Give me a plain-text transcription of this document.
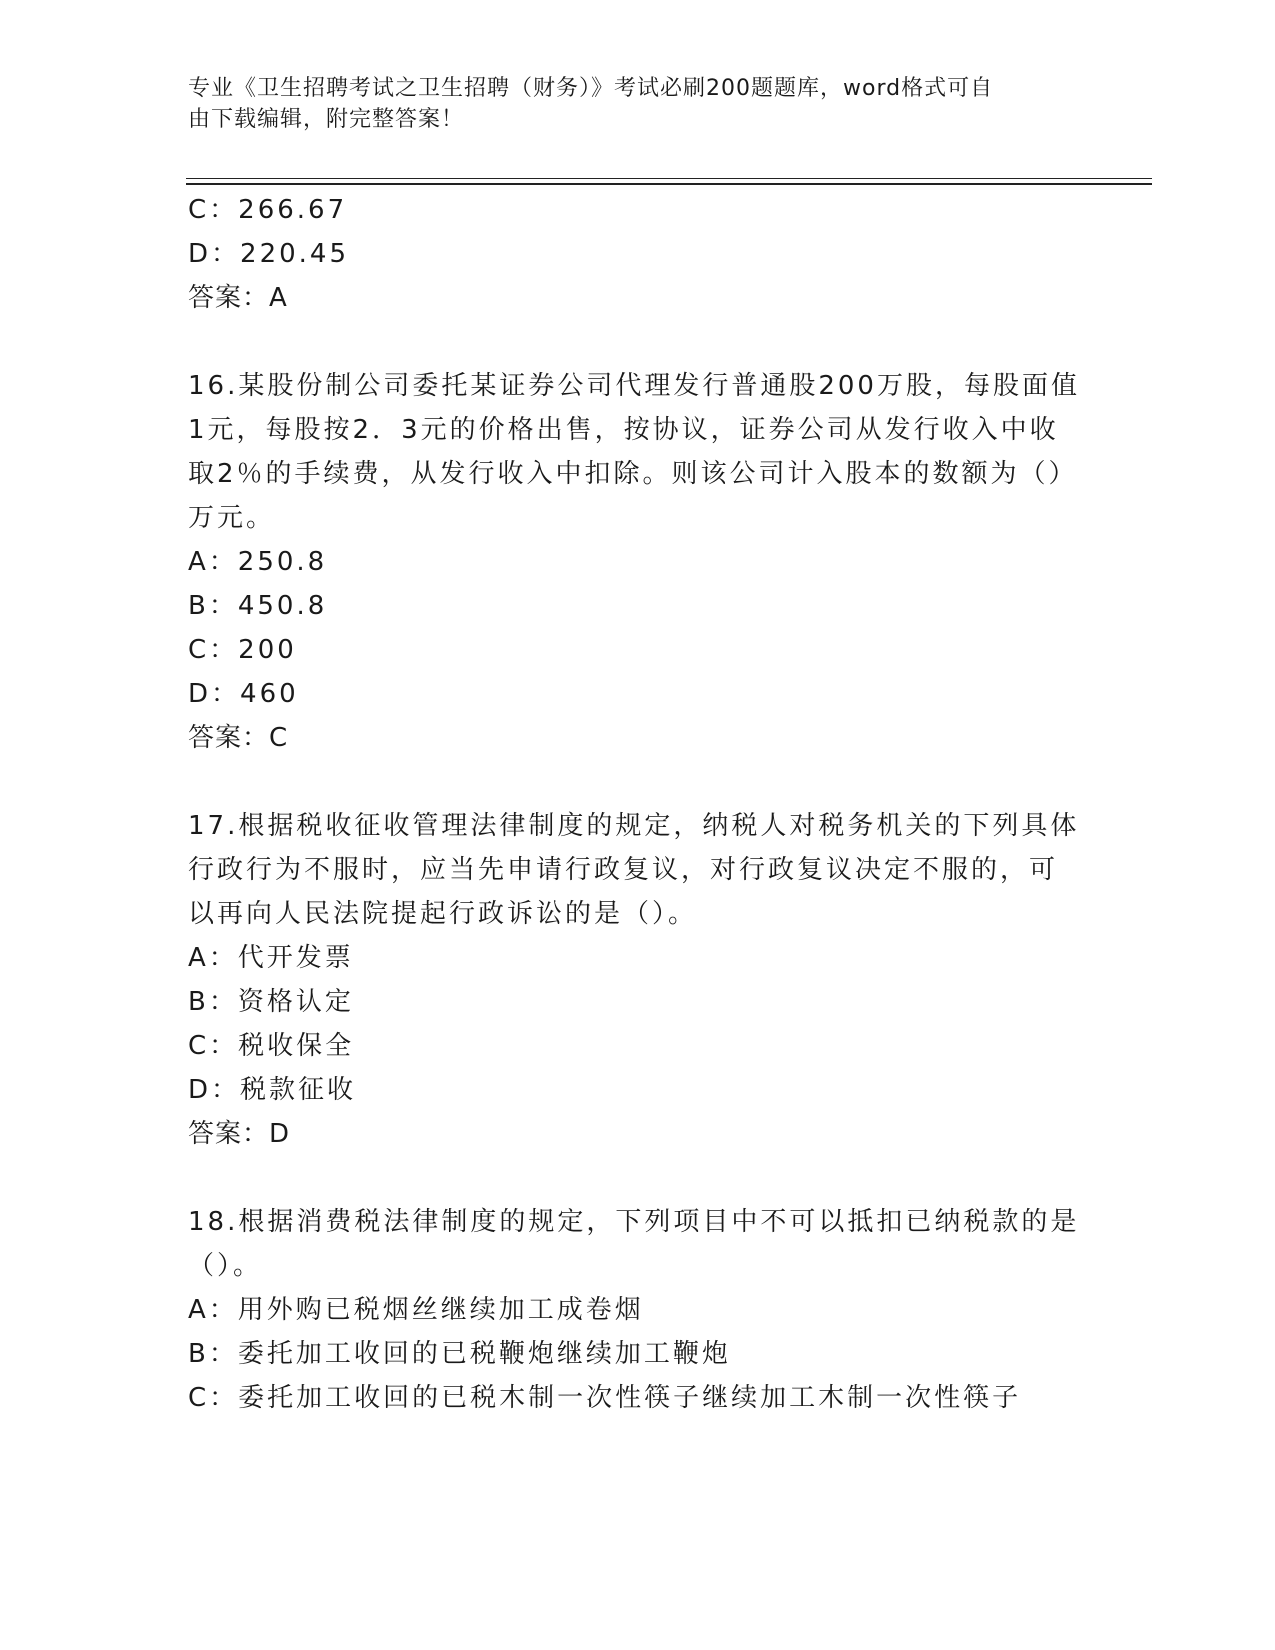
专业《卫生招聘考试之卫生招聘（财务）》考试必刷200题题库，word格式可自
由下载编辑，附完整答案！
C：266.67
D：220.45
答案：A
16.某股份制公司委托某证券公司代理发行普通股200万股，每股面值
1元，每股按2．3元的价格出售，按协议，证券公司从发行收入中收
取2％的手续费，从发行收入中扣除。则该公司计入股本的数额为（）
万元。
A：250.8
B：450.8
C：200
D：460
答案：C
17.根据税收征收管理法律制度的规定，纳税人对税务机关的下列具体
行政行为不服时，应当先申请行政复议，对行政复议决定不服的，可
以再向人民法院提起行政诉讼的是（）。
A：代开发票
B：资格认定
C：税收保全
D：税款征收
答案：D
18.根据消费税法律制度的规定，下列项目中不可以抵扣已纳税款的是
（）。
A：用外购已税烟丝继续加工成卷烟
B：委托加工收回的已税鞭炮继续加工鞭炮
C：委托加工收回的已税木制一次性筷子继续加工木制一次性筷子
